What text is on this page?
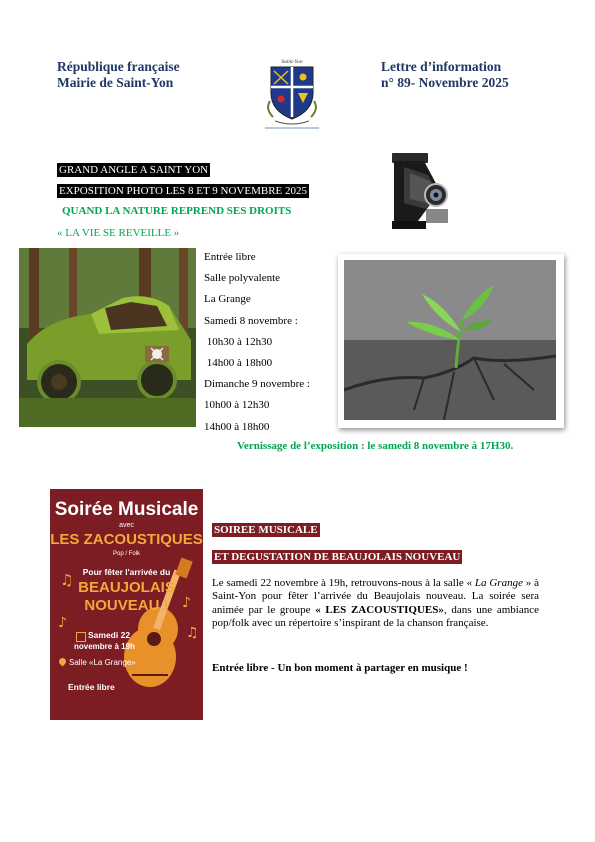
République française
Mairie de Saint-Yon
Saint-Yon	Lettre d’information
n° 89- Novembre 2025
GRAND ANGLE A SAINT YON
EXPOSITION PHOTO LES 8 ET 9 NOVEMBRE 2025
QUAND LA NATURE REPREND SES DROITS
« LA VIE SE REVEILLE »
Entrée libre
Salle polyvalente
La Grange
Samedi 8 novembre :
10h30 à 12h30
14h00 à 18h00
Dimanche 9 novembre :
10h00 à 12h30
14h00 à 18h00
Vernissage de l’exposition : le samedi 8 novembre à 17H30.
Soirée Musicale
avec
LES ZACOUSTIQUES
Pop / Folk
♫	Pour fêter l'arrivée du
BEAUJOLAIS
NOUVEAU ! ♪
♪
♫
Samedi 22
novembre à 19h
Salle «La Grange»
Entrée libre
SOIREE MUSICALE
ET DEGUSTATION DE BEAUJOLAIS NOUVEAU
Le samedi 22 novembre à 19h, retrouvons-nous à la salle « La Grange » à Saint-Yon pour fêter l’arrivée du Beaujolais nouveau. La soirée sera animée par le groupe « LES ZACOUSTIQUES», dans une ambiance pop/folk avec un répertoire s’inspirant de la chanson française.
Entrée libre - Un bon moment à partager en musique !
